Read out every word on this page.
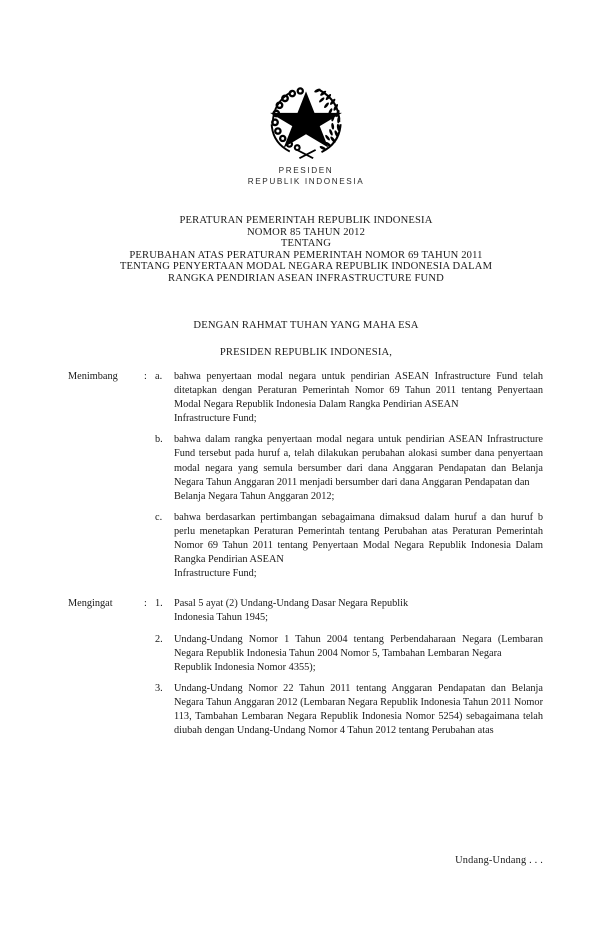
PRESIDEN
REPUBLIK INDONESIA
PERATURAN PEMERINTAH REPUBLIK INDONESIA
NOMOR 85 TAHUN 2012
TENTANG
PERUBAHAN ATAS PERATURAN PEMERINTAH NOMOR 69 TAHUN 2011
TENTANG PENYERTAAN MODAL NEGARA REPUBLIK INDONESIA DALAM
RANGKA PENDIRIAN ASEAN INFRASTRUCTURE FUND
DENGAN RAHMAT TUHAN YANG MAHA ESA
PRESIDEN REPUBLIK INDONESIA,
Menimbang	: a.	bahwa penyertaan modal negara untuk pendirian ASEAN Infrastructure Fund telah ditetapkan dengan Peraturan Pemerintah Nomor 69 Tahun 2011 tentang Penyertaan Modal Negara Republik Indonesia Dalam Rangka Pendirian ASEAN
Infrastructure Fund;
b.	bahwa dalam rangka penyertaan modal negara untuk pendirian ASEAN Infrastructure Fund tersebut pada huruf a, telah dilakukan perubahan alokasi sumber dana penyertaan modal negara yang semula bersumber dari dana Anggaran Pendapatan dan Belanja Negara Tahun Anggaran 2011 menjadi bersumber dari dana Anggaran Pendapatan dan
Belanja Negara Tahun Anggaran 2012;
c.	bahwa berdasarkan pertimbangan sebagaimana dimaksud dalam huruf a dan huruf b perlu menetapkan Peraturan Pemerintah tentang Perubahan atas Peraturan Pemerintah Nomor 69 Tahun 2011 tentang Penyertaan Modal Negara Republik Indonesia Dalam Rangka Pendirian ASEAN
Infrastructure Fund;
Mengingat	: 1.	Pasal 5 ayat (2) Undang-Undang Dasar Negara Republik
Indonesia Tahun 1945;
2.	Undang-Undang Nomor 1 Tahun 2004 tentang Perbendaharaan Negara (Lembaran Negara Republik Indonesia Tahun 2004 Nomor 5, Tambahan Lembaran Negara
Republik Indonesia Nomor 4355);
3.	Undang-Undang Nomor 22 Tahun 2011 tentang Anggaran Pendapatan dan Belanja Negara Tahun Anggaran 2012 (Lembaran Negara Republik Indonesia Tahun 2011 Nomor 113, Tambahan Lembaran Negara Republik Indonesia Nomor 5254) sebagaimana telah diubah dengan Undang-Undang Nomor 4 Tahun 2012 tentang Perubahan atas
Undang-Undang . . .
